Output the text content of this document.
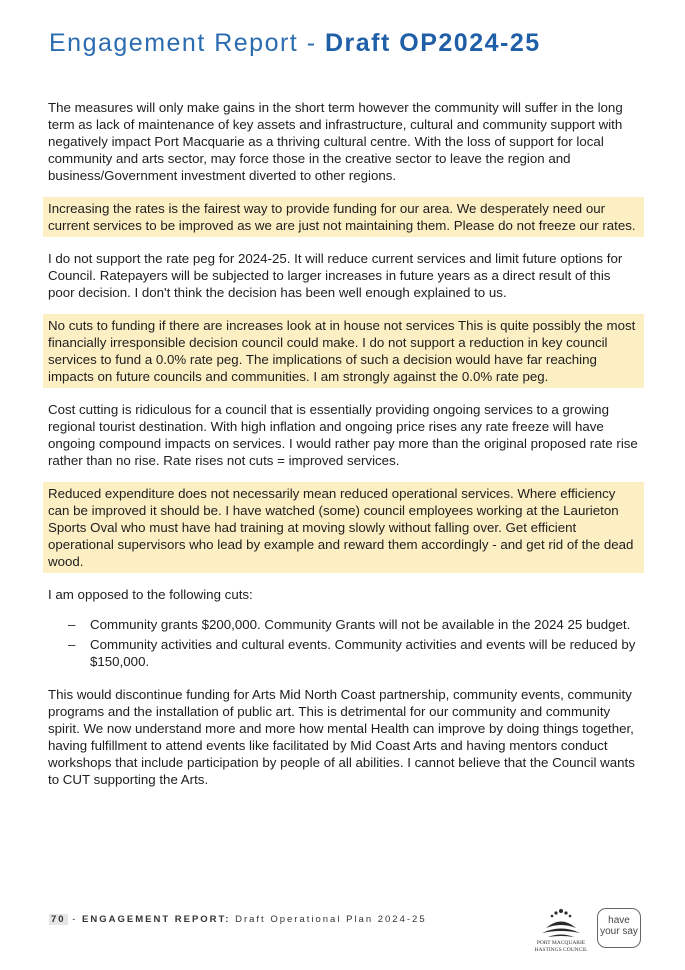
Engagement Report - Draft OP2024-25

The measures will only make gains in the short term however the community will suffer in the long term as lack of maintenance of key assets and infrastructure, cultural and community support with negatively impact Port Macquarie as a thriving cultural centre. With the loss of support for local community and arts sector, may force those in the creative sector to leave the region and business/Government investment diverted to other regions.

Increasing the rates is the fairest way to provide funding for our area. We desperately need our current services to be improved as we are just not maintaining them. Please do not freeze our rates.

I do not support the rate peg for 2024-25. It will reduce current services and limit future options for Council. Ratepayers will be subjected to larger increases in future years as a direct result of this poor decision. I don't think the decision has been well enough explained to us.

No cuts to funding if there are increases look at in house not services This is quite possibly the most financially irresponsible decision council could make. I do not support a reduction in key council services to fund a 0.0% rate peg. The implications of such a decision would have far reaching impacts on future councils and communities. I am strongly against the 0.0% rate peg.

Cost cutting is ridiculous for a council that is essentially providing ongoing services to a growing regional tourist destination. With high inflation and ongoing price rises any rate freeze will have ongoing compound impacts on services. I would rather pay more than the original proposed rate rise rather than no rise. Rate rises not cuts = improved services.

Reduced expenditure does not necessarily mean reduced operational services. Where efficiency can be improved it should be. I have watched (some) council employees working at the Laurieton Sports Oval who must have had training at moving slowly without falling over. Get efficient operational supervisors who lead by example and reward them accordingly - and get rid of the dead wood.

I am opposed to the following cuts:

– Community grants $200,000. Community Grants will not be available in the 2024 25 budget.
– Community activities and cultural events. Community activities and events will be reduced by $150,000.

This would discontinue funding for Arts Mid North Coast partnership, community events, community programs and the installation of public art. This is detrimental for our community and community spirit. We now understand more and more how mental Health can improve by doing things together, having fulfillment to attend events like facilitated by Mid Coast Arts and having mentors conduct workshops that include participation by people of all abilities. I cannot believe that the Council wants to CUT supporting the Arts.

70 - ENGAGEMENT REPORT: Draft Operational Plan 2024-25
PORT MACQUARIE
HASTINGS COUNCIL
have
your say
